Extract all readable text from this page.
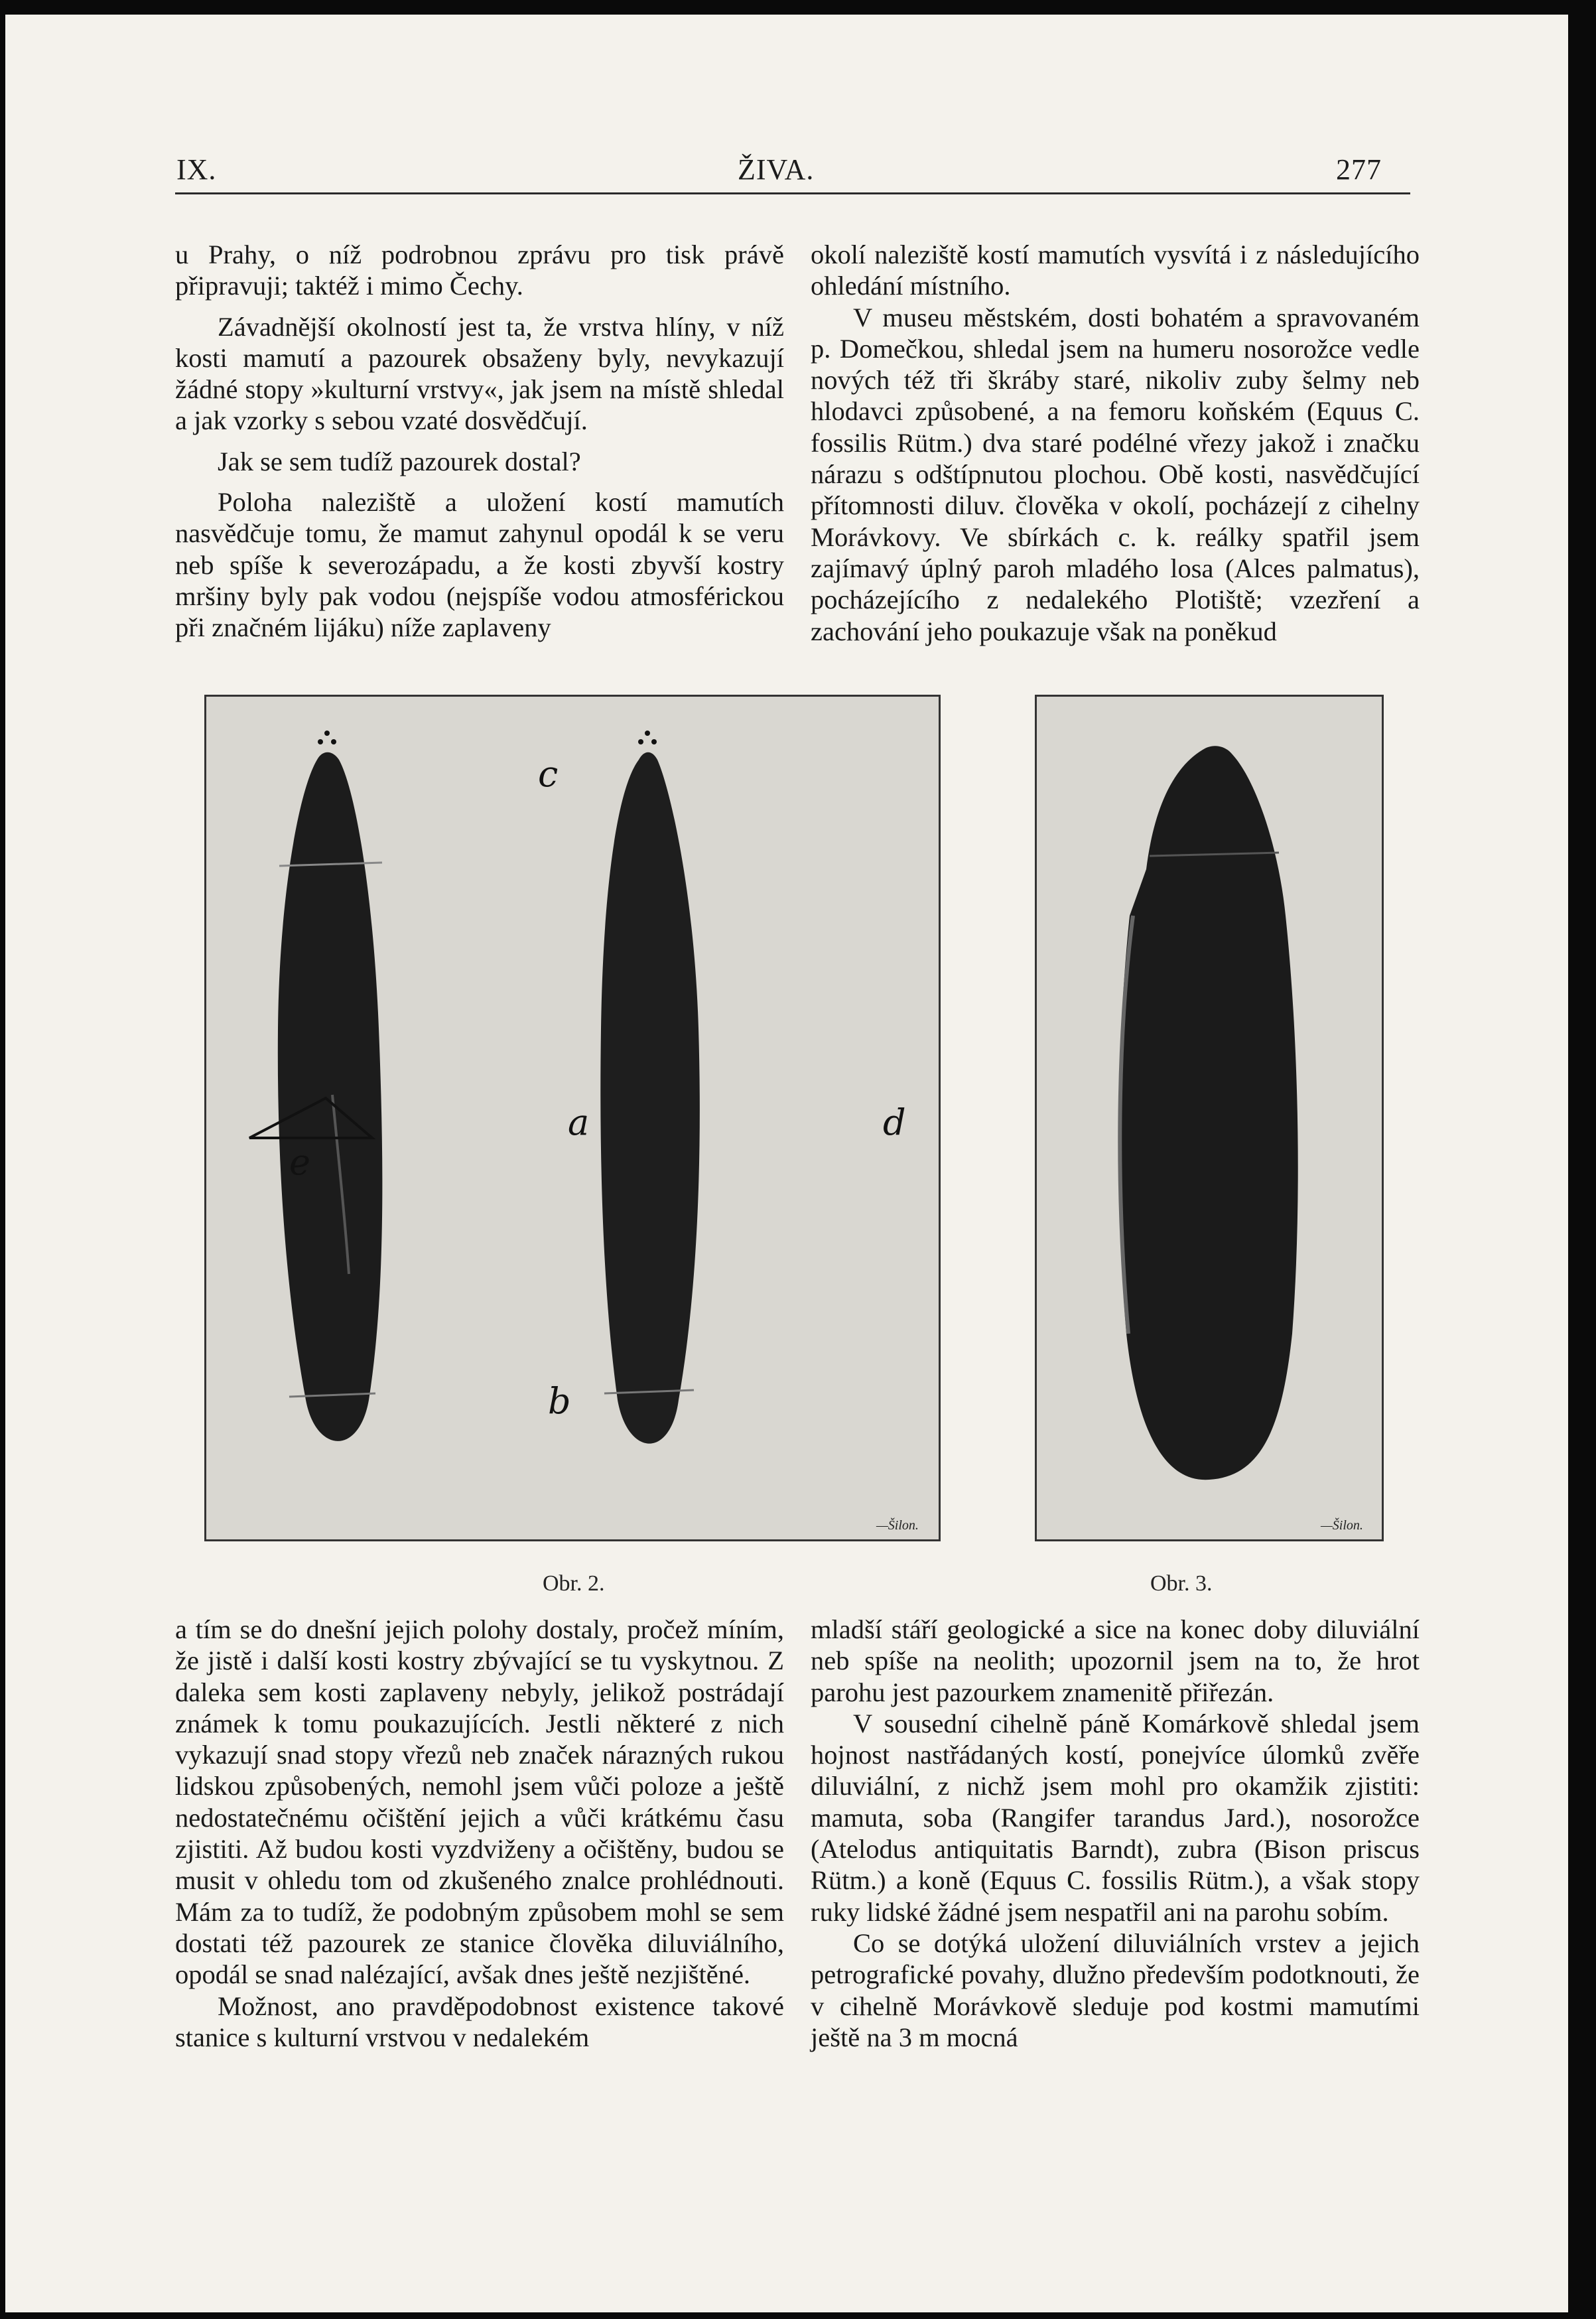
IX.	ŽIVA.	277

u Prahy, o níž podrobnou zprávu pro tisk právě připravuji; taktéž i mimo Čechy.

Závadnější okolností jest ta, že vrstva hlíny, v níž kosti mamutí a pazourek obsaženy byly, nevykazují žádné stopy »kulturní vrstvy«, jak jsem na místě shledal a jak vzorky s sebou vzaté dosvědčují.

Jak se sem tudíž pazourek dostal?

Poloha naleziště a uložení kostí mamutích nasvědčuje tomu, že mamut zahynul opodál k se veru neb spíše k severozápadu, a že kosti zbyvší kostry mršiny byly pak vodou (nejspíše vodou atmosférickou při značném lijáku) níže zaplaveny

okolí naleziště kostí mamutích vysvítá i z následujícího ohledání místního.

V museu městském, dosti bohatém a spravovaném p. Domečkou, shledal jsem na humeru nosorožce vedle nových též tři škráby staré, nikoliv zuby šelmy neb hlodavci způsobené, a na femoru koňském (Equus C. fossilis Rütm.) dva staré podélné vřezy jakož i značku nárazu s odštípnutou plochou. Obě kosti, nasvědčující přítomnosti diluv. člověka v okolí, pocházejí z cihelny Morávkovy. Ve sbírkách c. k. reálky spatřil jsem zajímavý úplný paroh mladého losa (Alces palmatus), pocházejícího z nedalekého Plotiště; vzezření a zachování jeho poukazuje však na poněkud

c
a
b
d
e
—Šilon.
Obr. 2.
—Šilon.
Obr. 3.

a tím se do dnešní jejich polohy dostaly, pročež míním, že jistě i další kosti kostry zbývající se tu vyskytnou. Z daleka sem kosti zaplaveny nebyly, jelikož postrádají známek k tomu poukazujících. Jestli některé z nich vykazují snad stopy vřezů neb značek nárazných rukou lidskou způsobených, nemohl jsem vůči poloze a ještě nedostatečnému očištění jejich a vůči krátkému času zjistiti. Až budou kosti vyzdviženy a očištěny, budou se musit v ohledu tom od zkušeného znalce prohlédnouti. Mám za to tudíž, že podobným způsobem mohl se sem dostati též pazourek ze stanice člověka diluviálního, opodál se snad nalézající, avšak dnes ještě nezjištěné.

Možnost, ano pravděpodobnost existence takové stanice s kulturní vrstvou v nedalekém

mladší stáří geologické a sice na konec doby diluviální neb spíše na neolith; upozornil jsem na to, že hrot parohu jest pazourkem znamenitě přiřezán.

V sousední cihelně páně Komárkově shledal jsem hojnost nastřádaných kostí, ponejvíce úlomků zvěře diluviální, z nichž jsem mohl pro okamžik zjistiti: mamuta, soba (Rangifer tarandus Jard.), nosorožce (Atelodus antiquitatis Barndt), zubra (Bison priscus Rütm.) a koně (Equus C. fossilis Rütm.), a však stopy ruky lidské žádné jsem nespatřil ani na parohu sobím.

Co se dotýká uložení diluviálních vrstev a jejich petrografické povahy, dlužno především podotknouti, že v cihelně Morávkově sleduje pod kostmi mamutími ještě na 3 m mocná
